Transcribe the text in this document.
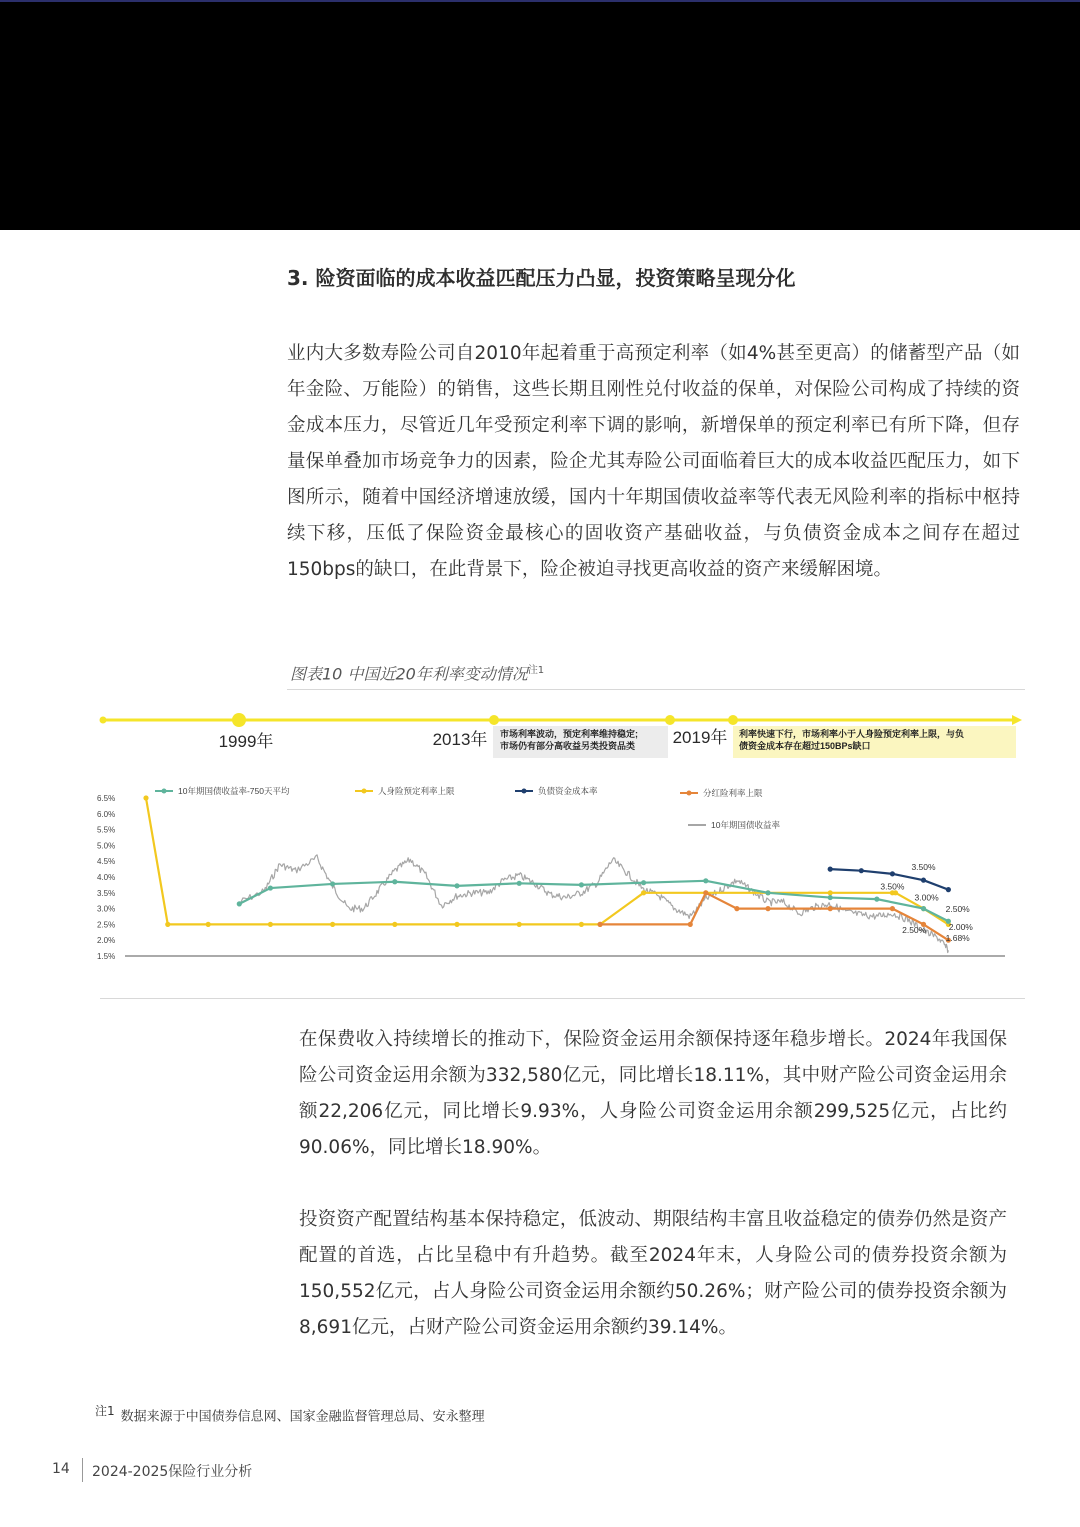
3. 险资面临的成本收益匹配压力凸显，投资策略呈现分化

业内大多数寿险公司自2010年起着重于高预定利率（如4%甚至更高）的储蓄型产品（如年金险、万能险）的销售，这些长期且刚性兑付收益的保单，对保险公司构成了持续的资金成本压力，尽管近几年受预定利率下调的影响，新增保单的预定利率已有所下降，但存量保单叠加市场竞争力的因素，险企尤其寿险公司面临着巨大的成本收益匹配压力，如下图所示，随着中国经济增速放缓，国内十年期国债收益率等代表无风险利率的指标中枢持续下移，压低了保险资金最核心的固收资产基础收益，与负债资金成本之间存在超过150bps的缺口，在此背景下，险企被迫寻找更高收益的资产来缓解困境。

图表10 中国近20年利率变动情况$^{注1}$
1999年	2013年	2019年
市场利率波动，预定利率维持稳定;
市场仍有部分高收益另类投资品类
利率快速下行，市场利率小于人身险预定利率上限，与负
债资金成本存在超过150BPs缺口
6.5%
6.0%
5.5%
5.0%
4.5%
4.0%
3.5%
3.0%
2.5%
2.0%
1.5%
10年期国债收益率-750天平均	人身险预定利率上限	负债资金成本率	分红险利率上限
10年期国债收益率
3.50%
3.50%
3.00%
2.50%
2.50%	2.00%
1.68%

在保费收入持续增长的推动下，保险资金运用余额保持逐年稳步增长。2024年我国保险公司资金运用余额为332,580亿元，同比增长18.11%，其中财产险公司资金运用余额22,206亿元，同比增长9.93%，人身险公司资金运用余额299,525亿元，占比约90.06%，同比增长18.90%。

投资资产配置结构基本保持稳定，低波动、期限结构丰富且收益稳定的债券仍然是资产配置的首选，占比呈稳中有升趋势。截至2024年末，人身险公司的债券投资余额为150,552亿元，占人身险公司资金运用余额约50.26%；财产险公司的债券投资余额为8,691亿元，占财产险公司资金运用余额约39.14%。

$^{注1}$ 数据来源于中国债券信息网、国家金融监督管理总局、安永整理
14 2024-2025保险行业分析
